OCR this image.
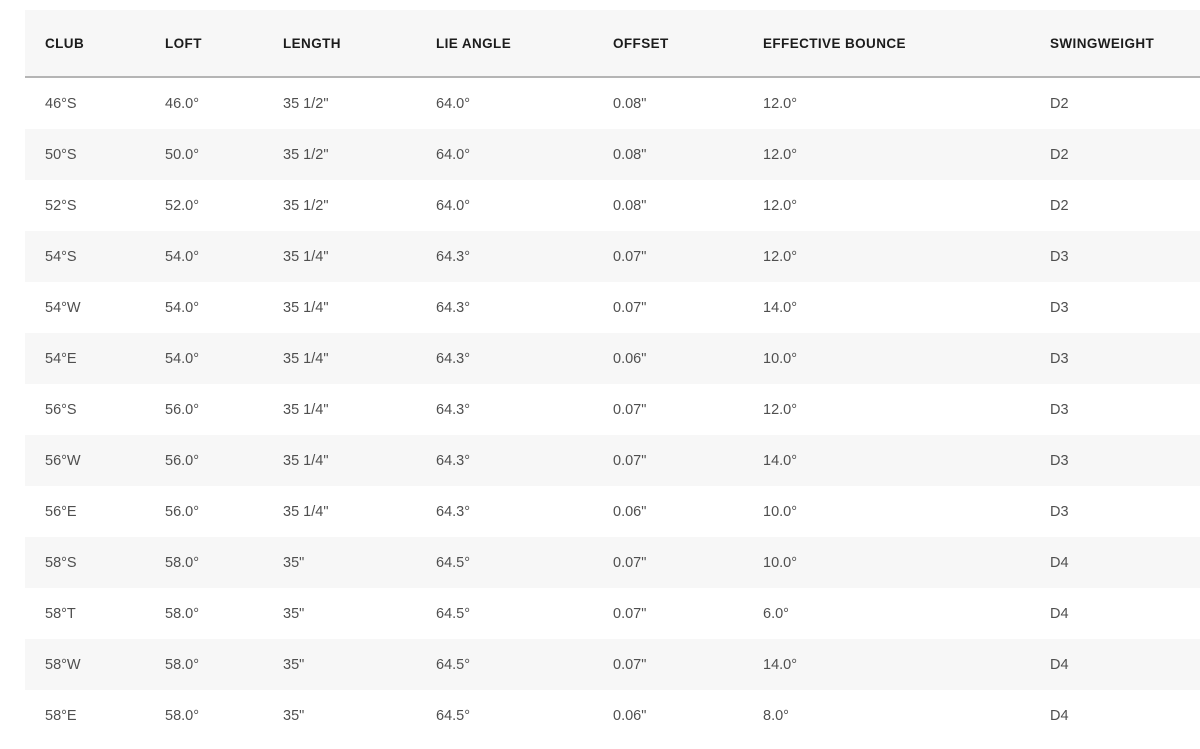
CLUB	LOFT	LENGTH	LIE ANGLE	OFFSET	EFFECTIVE BOUNCE	SWINGWEIGHT
46°S	46.0°	35 1/2"	64.0°	0.08"	12.0°	D2
50°S	50.0°	35 1/2"	64.0°	0.08"	12.0°	D2
52°S	52.0°	35 1/2"	64.0°	0.08"	12.0°	D2
54°S	54.0°	35 1/4"	64.3°	0.07"	12.0°	D3
54°W	54.0°	35 1/4"	64.3°	0.07"	14.0°	D3
54°E	54.0°	35 1/4"	64.3°	0.06"	10.0°	D3
56°S	56.0°	35 1/4"	64.3°	0.07"	12.0°	D3
56°W	56.0°	35 1/4"	64.3°	0.07"	14.0°	D3
56°E	56.0°	35 1/4"	64.3°	0.06"	10.0°	D3
58°S	58.0°	35"	64.5°	0.07"	10.0°	D4
58°T	58.0°	35"	64.5°	0.07"	6.0°	D4
58°W	58.0°	35"	64.5°	0.07"	14.0°	D4
58°E	58.0°	35"	64.5°	0.06"	8.0°	D4
